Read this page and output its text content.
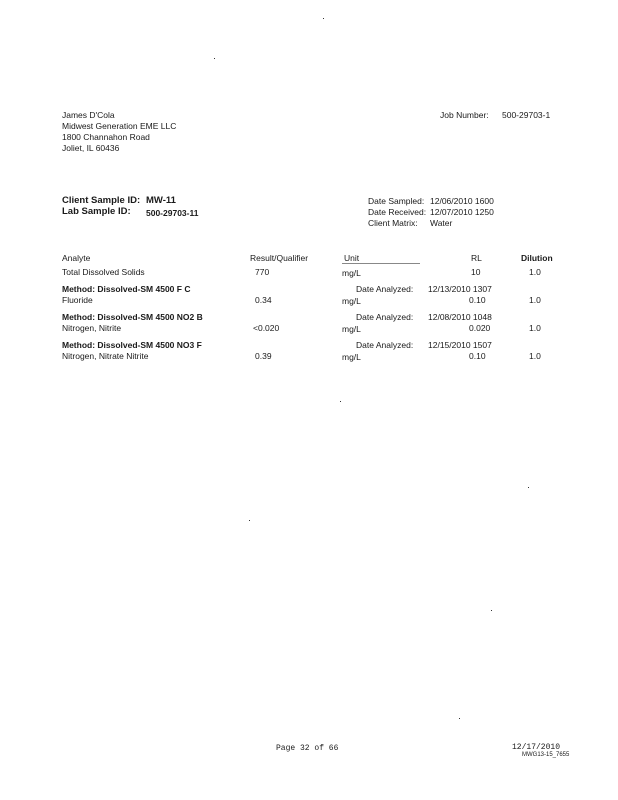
James D'Cola
Midwest Generation EME LLC
1800 Channahon Road
Joliet, IL 60436
Job Number: 500-29703-1
Client Sample ID: MW-11
Lab Sample ID: 500-29703-11
Date Sampled: 12/06/2010 1600
Date Received: 12/07/2010 1250
Client Matrix: Water
Analyte	Result/Qualifier	Unit	RL	Dilution
Total Dissolved Solids	770	mg/L	10	1.0
Method: Dissolved-SM 4500 F C	Date Analyzed: 12/13/2010 1307
Fluoride	0.34	mg/L	0.10	1.0
Method: Dissolved-SM 4500 NO2 B	Date Analyzed: 12/08/2010 1048
Nitrogen, Nitrite	<0.020	mg/L	0.020	1.0
Method: Dissolved-SM 4500 NO3 F	Date Analyzed: 12/15/2010 1507
Nitrogen, Nitrate Nitrite	0.39	mg/L	0.10	1.0
Page 32 of 66	12/17/2010
MWG13-15_7655
